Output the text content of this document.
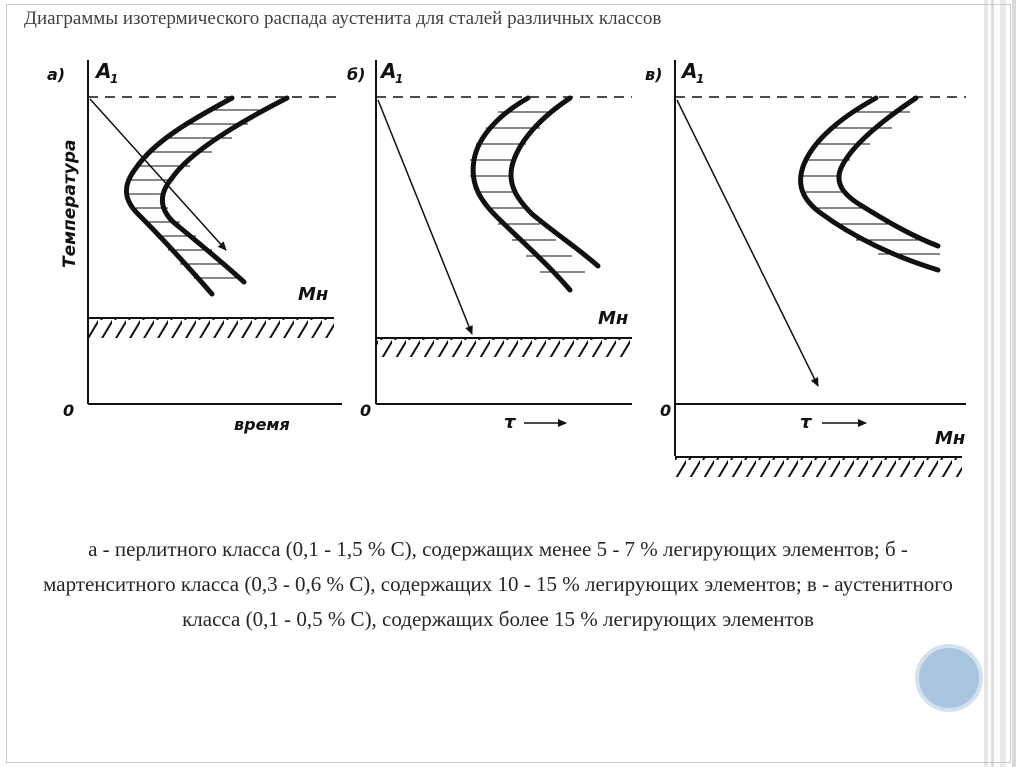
Диаграммы изотермического распада аустенита для сталей различных классов
а) A
1
Температура
0
время
Мн
б) A
1
0
τ
Мн
в) A
1
0
τ
Мн
а - перлитного класса (0,1 - 1,5 % С), содержащих менее 5 - 7 % легирующих элементов; б - мартенситного класса (0,3 - 0,6 % С), содержащих 10 - 15 % легирующих элементов; в - аустенитного класса (0,1 - 0,5 % С), содержащих более 15 % легирующих элементов
